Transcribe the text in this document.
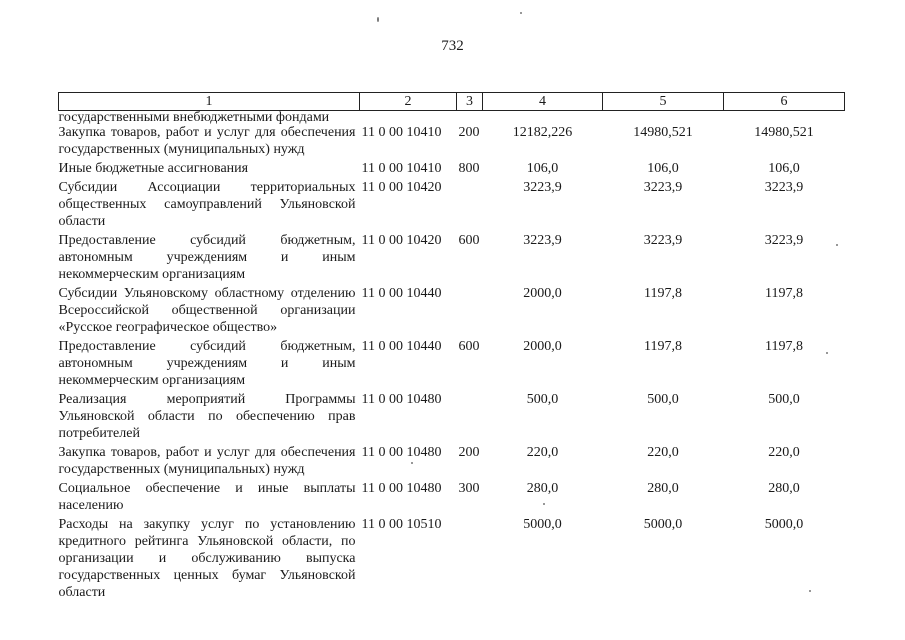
732
1	2	3	4	5	6
государственными внебюджетными фондами					
Закупка товаров, работ и услуг для обеспечения государственных (муниципальных) нужд	11 0 00 10410	200	12182,226	14980,521	14980,521
Иные бюджетные ассигнования	11 0 00 10410	800	106,0	106,0	106,0
Субсидии Ассоциации территориальных общественных самоуправлений Ульяновской области	11 0 00 10420		3223,9	3223,9	3223,9
Предоставление субсидий бюджетным, автономным учреждениям и иным некоммерческим организациям	11 0 00 10420	600	3223,9	3223,9	3223,9
Субсидии Ульяновскому областному отделению Всероссийской общественной организации «Русское географическое общество»	11 0 00 10440		2000,0	1197,8	1197,8
Предоставление субсидий бюджетным, автономным учреждениям и иным некоммерческим организациям	11 0 00 10440	600	2000,0	1197,8	1197,8
Реализация мероприятий Программы Ульяновской области по обеспечению прав потребителей	11 0 00 10480		500,0	500,0	500,0
Закупка товаров, работ и услуг для обеспечения государственных (муниципальных) нужд	11 0 00 10480	200	220,0	220,0	220,0
Социальное обеспечение и иные выплаты населению	11 0 00 10480	300	280,0	280,0	280,0
Расходы на закупку услуг по установлению кредитного рейтинга Ульяновской области, по организации и обслуживанию выпуска государственных ценных бумаг Ульяновской области	11 0 00 10510		5000,0	5000,0	5000,0
